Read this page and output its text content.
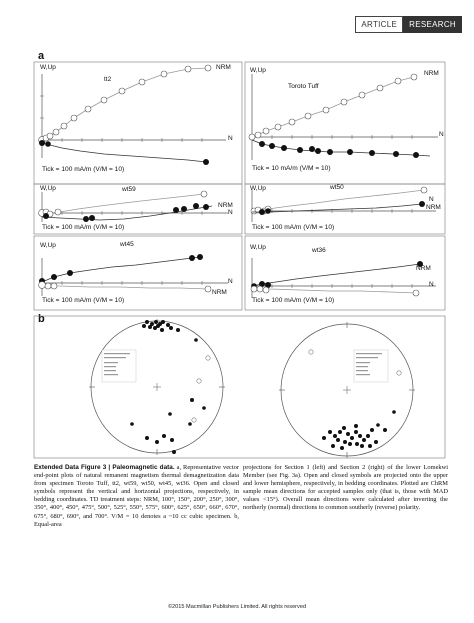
ARTICLE	RESEARCH
a
b
W,Up
tt2
NRM
N
Tick = 100 mA/m (V/M = 10)
W,Up
Toroto Tuff
NRM
N
Tick = 10 mA/m (V/M = 10)
W,Up	wt59
NRM
N
Tick = 100 mA/m (V/M = 10)
W,Up	wt50
N
NRM
Tick = 100 mA/m (V/M = 10)
W,Up	wt45
N
NRM
Tick = 100 mA/m (V/M = 10)
W,Up	wt36
NRM
N
Tick = 100 mA/m (V/M = 10)
Extended Data Figure 3 | Paleomagnetic data. a, Representative vector end-point plots of natural remanent magnetism thermal demagnetization data from specimen Toroto Tuff, tt2, wt59, wt50, wt45, wt36. Open and closed symbols represent the vertical and horizontal projections, respectively, in bedding coordinates. TD treatment steps: NRM, 100°, 150°, 200°, 250°, 300°, 350°, 400°, 450°, 475°, 500°, 525°, 550°, 575°, 600°, 625°, 650°, 660°, 670°, 675°, 680°, 690°, and 700°. V/M = 10 denotes a ~10 cc cubic specimen. b, Equal-area
projections for Section 1 (left) and Section 2 (right) of the lower Lomekwi Member (see Fig. 3a). Open and closed symbols are projected onto the upper and lower hemisphere, respectively, in bedding coordinates. Plotted are ChRM sample mean directions for accepted samples only (that is, those with MAD values <15°). Overall mean directions were calculated after inverting the northerly (normal) directions to common southerly (reverse) polarity.
©2015 Macmillan Publishers Limited. All rights reserved
